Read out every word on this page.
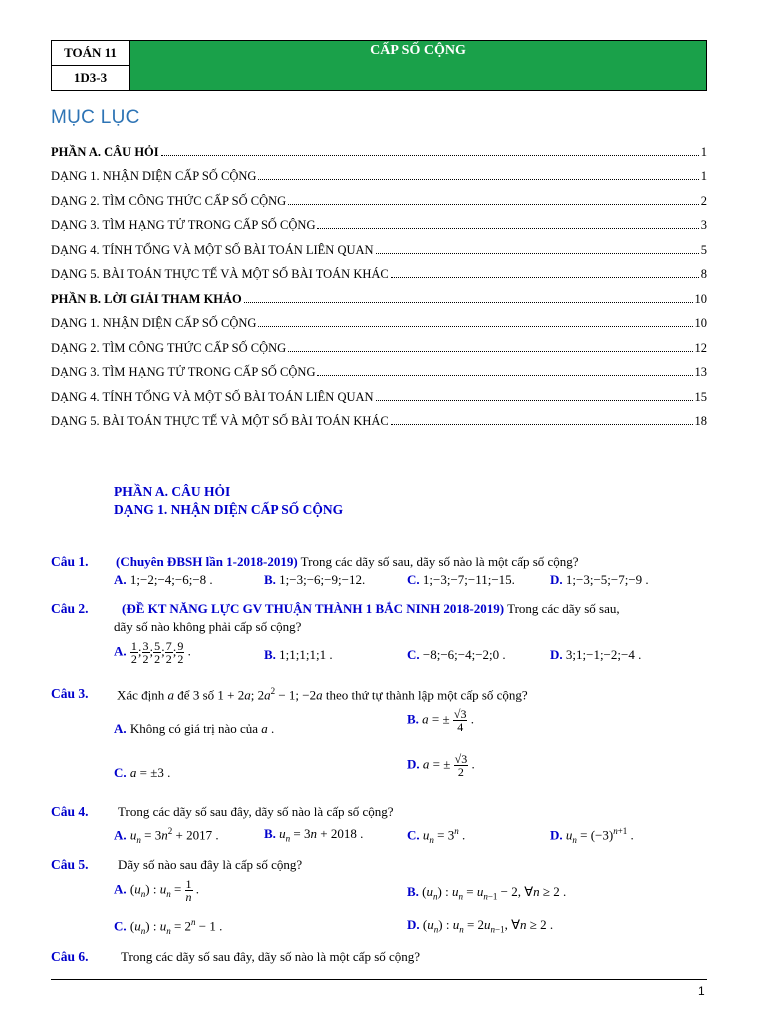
TOÁN 11
1D3-3
CẤP SỐ CỘNG
MỤC LỤC
PHẦN A. CÂU HỎI	1
DẠNG 1. NHẬN DIỆN CẤP SỐ CỘNG	1
DẠNG 2. TÌM CÔNG THỨC CẤP SỐ CỘNG	2
DẠNG 3. TÌM HẠNG TỬ TRONG CẤP SỐ CỘNG	3
DẠNG 4. TÍNH TỔNG VÀ MỘT SỐ BÀI TOÁN LIÊN QUAN	5
DẠNG 5. BÀI TOÁN THỰC TẾ VÀ MỘT SỐ BÀI TOÁN KHÁC	8
PHẦN B. LỜI GIẢI THAM KHẢO	10
DẠNG 1. NHẬN DIỆN CẤP SỐ CỘNG	10
DẠNG 2. TÌM CÔNG THỨC CẤP SỐ CỘNG	12
DẠNG 3. TÌM HẠNG TỬ TRONG CẤP SỐ CỘNG	13
DẠNG 4. TÍNH TỔNG VÀ MỘT SỐ BÀI TOÁN LIÊN QUAN	15
DẠNG 5. BÀI TOÁN THỰC TẾ VÀ MỘT SỐ BÀI TOÁN KHÁC	18
PHẦN A. CÂU HỎI
DẠNG 1. NHẬN DIỆN CẤP SỐ CỘNG
Câu 1. (Chuyên ĐBSH lần 1-2018-2019) Trong các dãy số sau, dãy số nào là một cấp số cộng?
A. 1;−2;−4;−6;−8 .	B. 1;−3;−6;−9;−12.	C. 1;−3;−7;−11;−15.	D. 1;−3;−5;−7;−9 .
Câu 2.	(ĐỀ KT NĂNG LỰC GV THUẬN THÀNH 1 BẮC NINH 2018-2019) Trong các dãy số sau,
dãy số nào không phải cấp số cộng?
A. $\frac{1}{2}$ ; $\frac{3}{2}$ ; $\frac{5}{2}$ ; $\frac{7}{2}$ ; $\frac{9}{2}$ .	B. 1;1;1;1;1 .	C. −8;−6;−4;−2;0 .	D. 3;1;−1;−2;−4 .
Câu 3. Xác định a để 3 số 1 + 2a; $2a^2 - 1$; −2a theo thứ tự thành lập một cấp số cộng?
A. Không có giá trị nào của a .
B. a = ± $\frac{√3}{4}$ .
C. a = ±3 .
D. a = ± $\frac{√3}{2}$ .
Câu 4. Trong các dãy số sau đây, dãy số nào là cấp số cộng?
A. $u_n = 3n^2 + 2017$ .	B. $u_n = 3n + 2018$ .	C. $u_n = 3^n$ .	D. $u_n = (-3)^{n+1}$ .
Câu 5. Dãy số nào sau đây là cấp số cộng?
A. $(u_n)$ : $u_n = \frac{1}{n}$ .	B. $(u_n)$ : $u_n = u_{n-1} - 2$, ∀n ≥ 2 .
C. $(u_n)$ : $u_n = 2^n - 1$ .	D. $(u_n)$ : $u_n = 2u_{n-1}$, ∀n ≥ 2 .
Câu 6. Trong các dãy số sau đây, dãy số nào là một cấp số cộng?
1
